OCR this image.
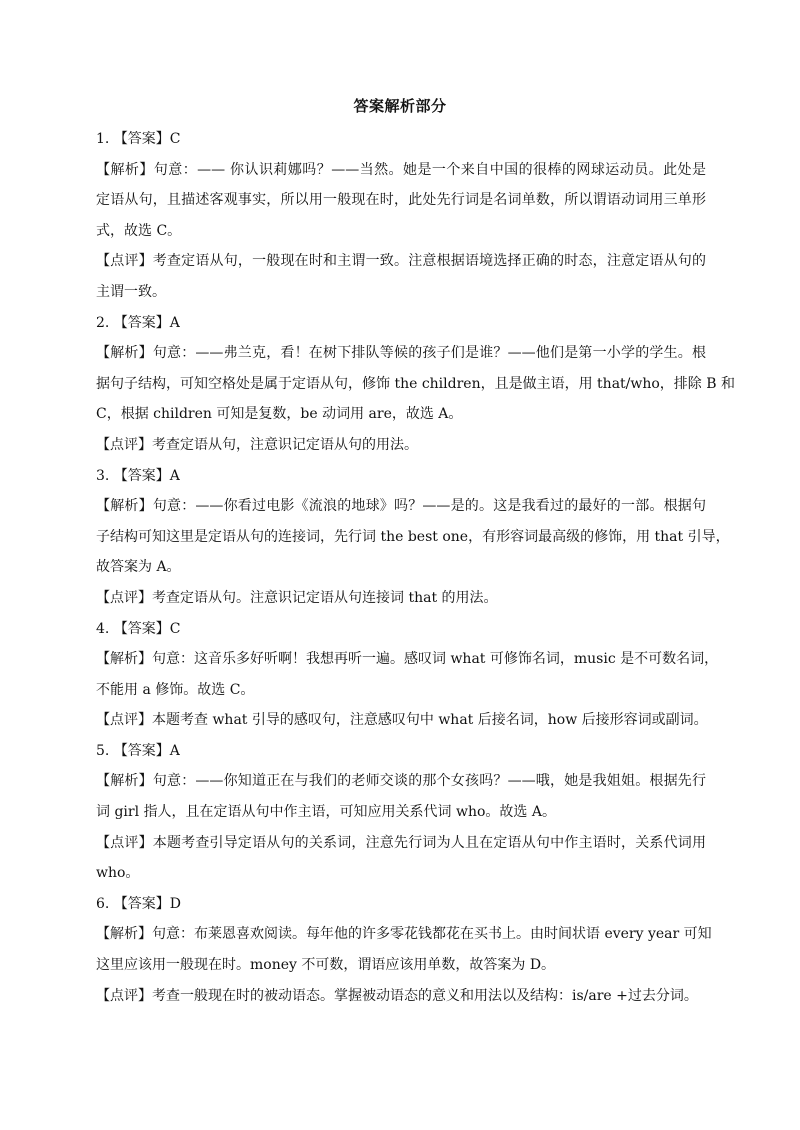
答案解析部分
1. 【答案】C
【解析】句意：—— 你认识莉娜吗？——当然。她是一个来自中国的很棒的网球运动员。此处是
定语从句，且描述客观事实，所以用一般现在时，此处先行词是名词单数，所以谓语动词用三单形
式，故选 C。
【点评】考查定语从句，一般现在时和主谓一致。注意根据语境选择正确的时态，注意定语从句的
主谓一致。
2. 【答案】A
【解析】句意：——弗兰克，看！在树下排队等候的孩子们是谁？——他们是第一小学的学生。根
据句子结构，可知空格处是属于定语从句，修饰 the children，且是做主语，用 that/who，排除 B 和
C，根据 children 可知是复数，be 动词用 are，故选 A。
【点评】考查定语从句，注意识记定语从句的用法。
3. 【答案】A
【解析】句意：——你看过电影《流浪的地球》吗？——是的。这是我看过的最好的一部。根据句
子结构可知这里是定语从句的连接词，先行词 the best one，有形容词最高级的修饰，用 that 引导，
故答案为 A。
【点评】考查定语从句。注意识记定语从句连接词 that 的用法。
4. 【答案】C
【解析】句意：这音乐多好听啊！我想再听一遍。感叹词 what 可修饰名词，music 是不可数名词，
不能用 a 修饰。故选 C。
【点评】本题考查 what 引导的感叹句，注意感叹句中 what 后接名词，how 后接形容词或副词。
5. 【答案】A
【解析】句意：——你知道正在与我们的老师交谈的那个女孩吗？——哦，她是我姐姐。根据先行
词 girl 指人，且在定语从句中作主语，可知应用关系代词 who。故选 A。
【点评】本题考查引导定语从句的关系词，注意先行词为人且在定语从句中作主语时，关系代词用
who。
6. 【答案】D
【解析】句意：布莱恩喜欢阅读。每年他的许多零花钱都花在买书上。由时间状语 every year 可知
这里应该用一般现在时。money 不可数，谓语应该用单数，故答案为 D。
【点评】考查一般现在时的被动语态。掌握被动语态的意义和用法以及结构：is/are +过去分词。
